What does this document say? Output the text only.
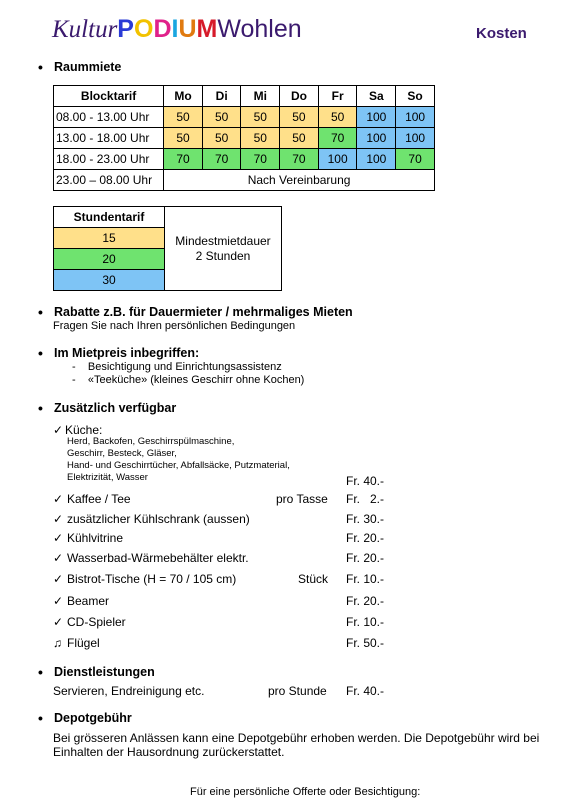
KulturPODIUMWohlen	Kosten
• Raummiete
Blocktarif	Mo	Di	Mi	Do	Fr	Sa	So
08.00 - 13.00 Uhr	50	50	50	50	50	100	100
13.00 - 18.00 Uhr	50	50	50	50	70	100	100
18.00 - 23.00 Uhr	70	70	70	70	100	100	70
23.00 – 08.00 Uhr	Nach Vereinbarung						
Stundentarif	Mindestmietdauer
2 Stunden
15
20
30
• Rabatte z.B. für Dauermieter / mehrmaliges Mieten
Fragen Sie nach Ihren persönlichen Bedingungen
• Im Mietpreis inbegriffen:
-    Besichtigung und Einrichtungsassistenz
-    «Teeküche» (kleines Geschirr ohne Kochen)
• Zusätzlich verfügbar
✓ Küche:
Herd, Backofen, Geschirrspülmaschine,
Geschirr, Besteck, Gläser,
Hand- und Geschirrtücher, Abfallsäcke, Putzmaterial,
Elektrizität, Wasser	Fr. 40.-
✓ Kaffee / Tee	pro Tasse Fr.   2.-
✓ zusätzlicher Kühlschrank (aussen)	Fr. 30.-
✓ Kühlvitrine	Fr. 20.-
✓ Wasserbad-Wärmebehälter elektr.	Fr. 20.-
✓ Bistrot-Tische (H = 70 / 105 cm)	Stück Fr. 10.-
✓ Beamer	Fr. 20.-
✓ CD-Spieler	Fr. 10.-
♫ Flügel	Fr. 50.-
• Dienstleistungen
Servieren, Endreinigung etc.	pro Stunde Fr. 40.-
• Depotgebühr
Bei grösseren Anlässen kann eine Depotgebühr erhoben werden. Die Depotgebühr wird bei
Einhalten der Hausordnung zurückerstattet.
Für eine persönliche Offerte oder Besichtigung:
